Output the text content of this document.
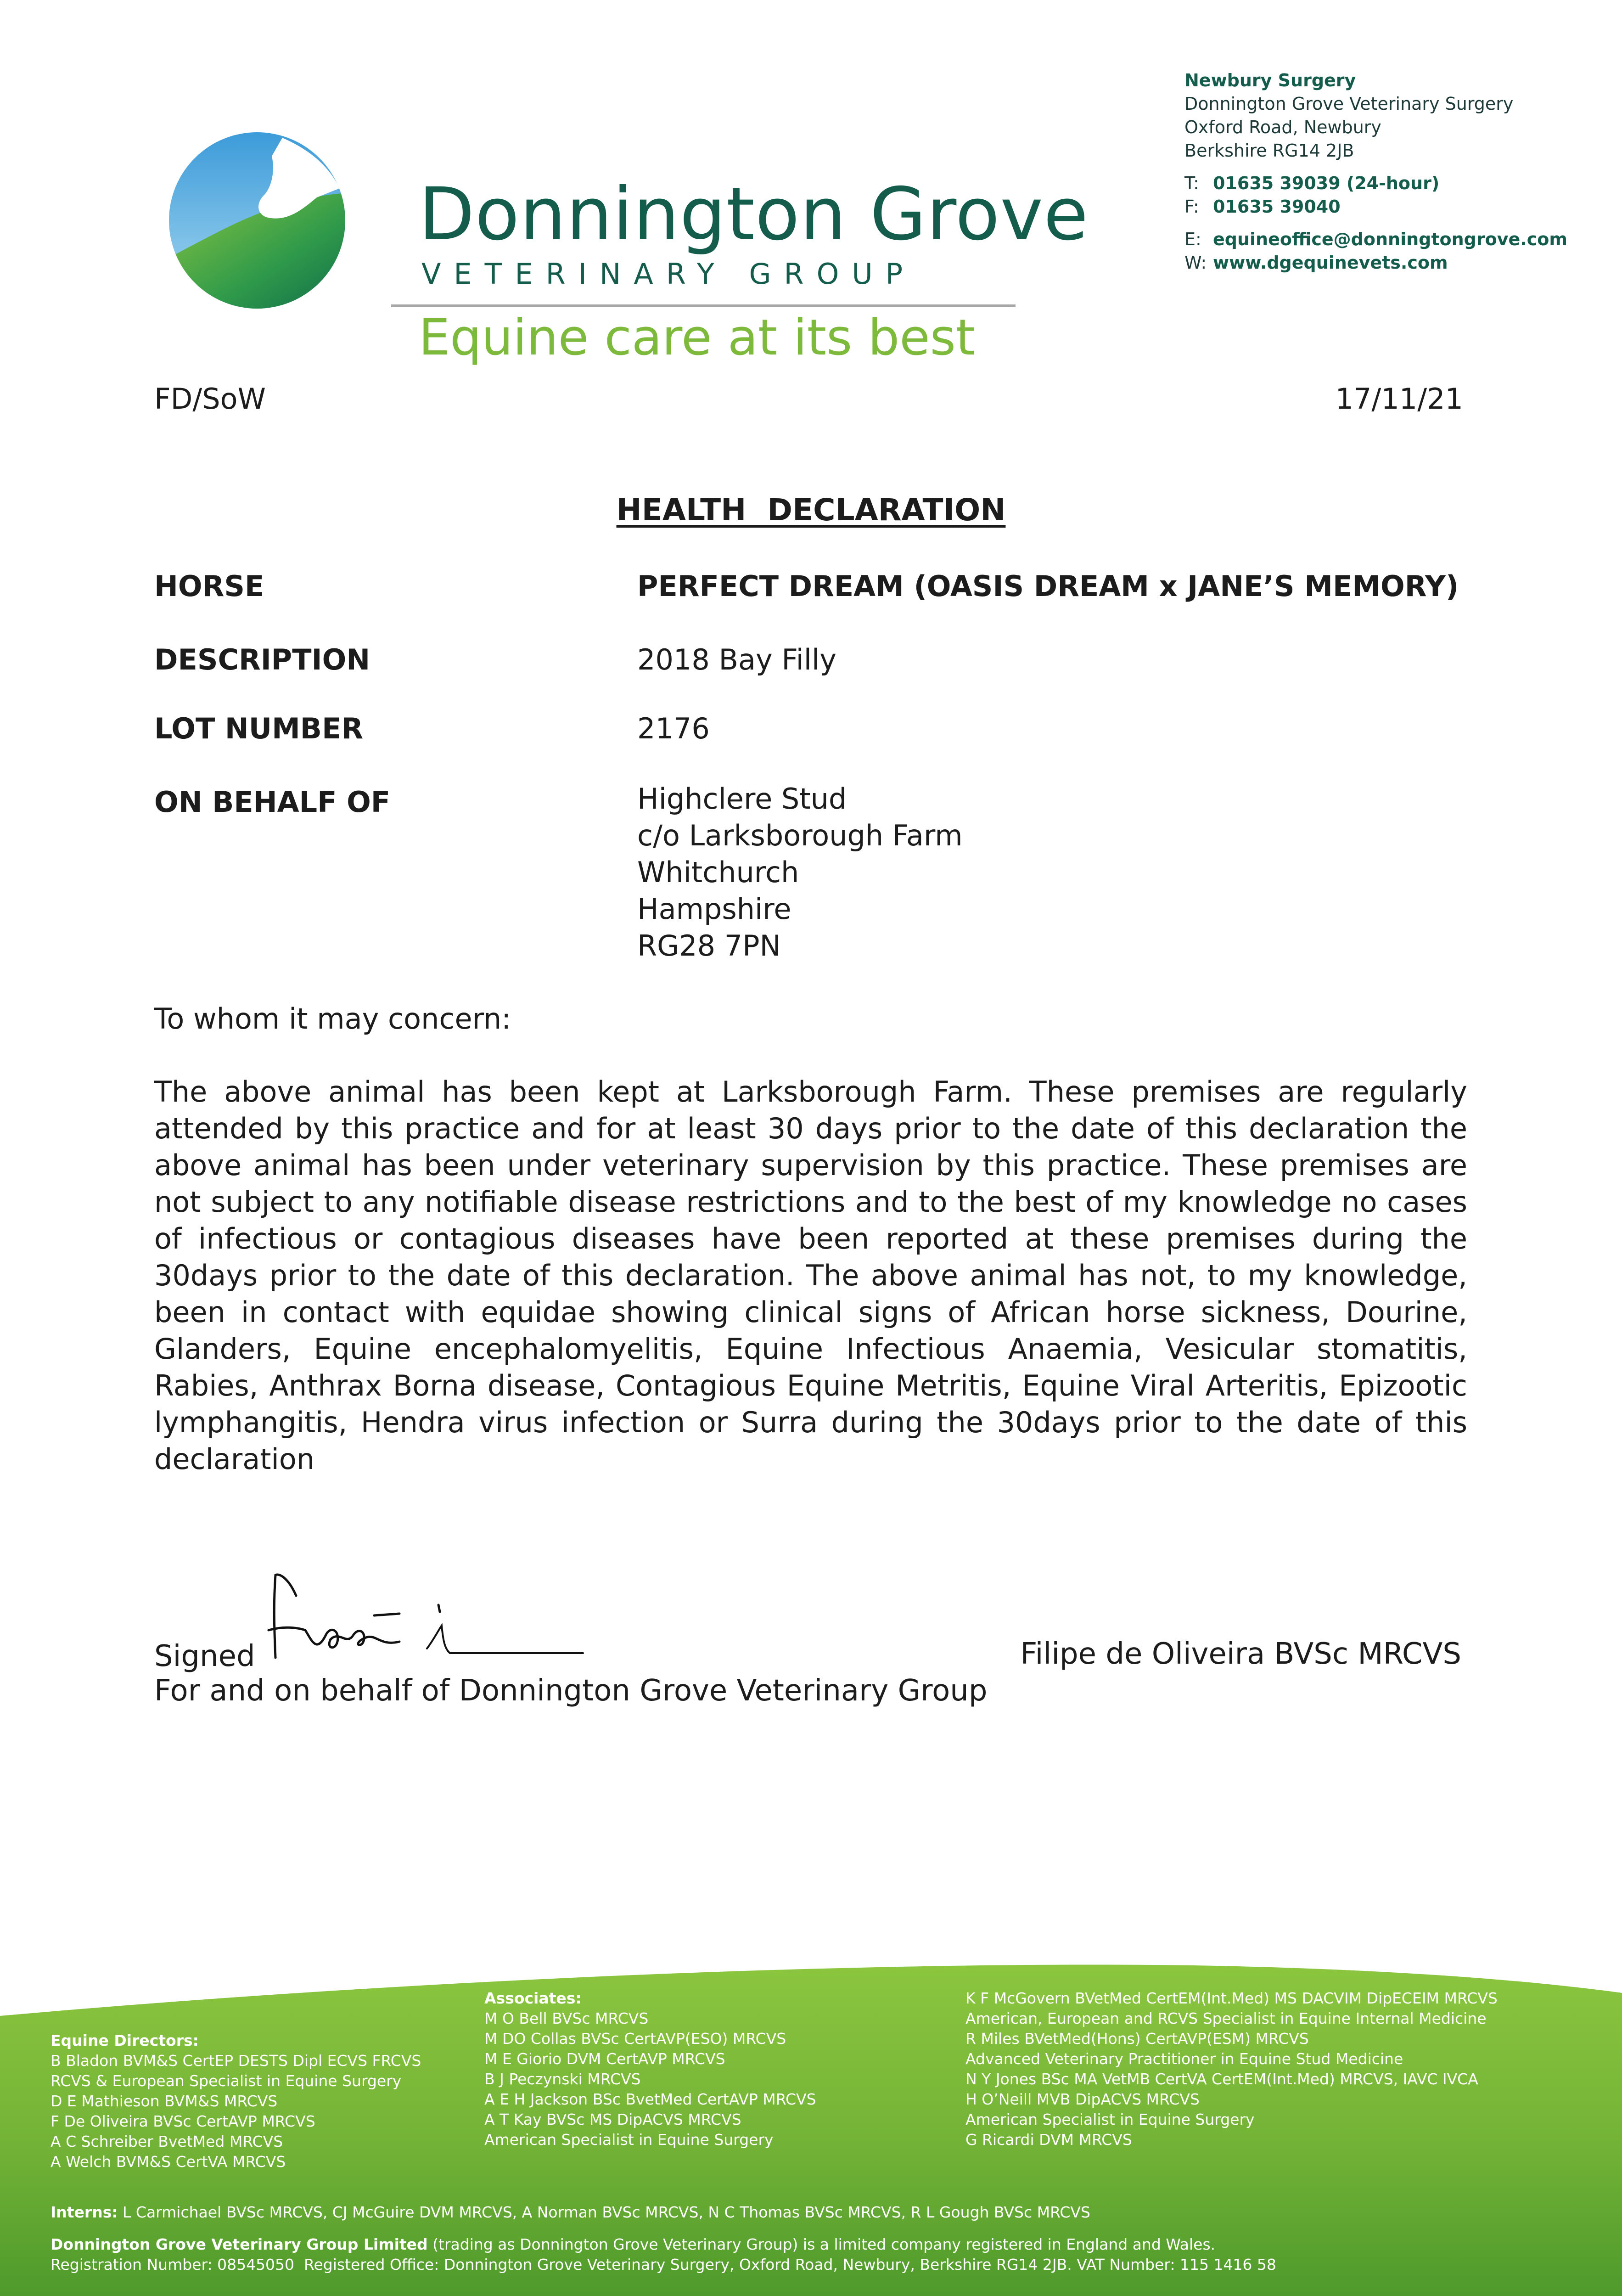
Donnington Grove
VETERINARY GROUP
Equine care at its best
Newbury Surgery
Donnington Grove Veterinary Surgery
Oxford Road, Newbury
Berkshire RG14 2JB
T: 01635 39039 (24-hour)
F: 01635 39040
E: equineoffice@donningtongrove.com
W: www.dgequinevets.com
FD/SoW	17/11/21
HEALTH  DECLARATION
HORSE	PERFECT DREAM (OASIS DREAM x JANE’S MEMORY)
DESCRIPTION	2018 Bay Filly
LOT NUMBER	2176
ON BEHALF OF	Highclere Stud
c/o Larksborough Farm
Whitchurch
Hampshire
RG28 7PN
To whom it may concern:
The above animal has been kept at Larksborough Farm. These premises are regularly attended by this practice and for at least 30 days prior to the date of this declaration the above animal has been under veterinary supervision by this practice. These premises are not subject to any notifiable disease restrictions and to the best of my knowledge no cases of infectious or contagious diseases have been reported at these premises during the 30days prior to the date of this declaration. The above animal has not, to my knowledge, been in contact with equidae showing clinical signs of African horse sickness, Dourine, Glanders, Equine encephalomyelitis, Equine Infectious Anaemia, Vesicular stomatitis, Rabies, Anthrax Borna disease, Contagious Equine Metritis, Equine Viral Arteritis, Epizootic lymphangitis, Hendra virus infection or Surra during the 30days prior to the date of this declaration
Signed	Filipe de Oliveira BVSc MRCVS
For and on behalf of Donnington Grove Veterinary Group
Equine Directors:
B Bladon BVM&S CertEP DESTS Dipl ECVS FRCVS
RCVS & European Specialist in Equine Surgery
D E Mathieson BVM&S MRCVS
F De Oliveira BVSc CertAVP MRCVS
A C Schreiber BvetMed MRCVS
A Welch BVM&S CertVA MRCVS
Associates:
M O Bell BVSc MRCVS
M DO Collas BVSc CertAVP(ESO) MRCVS
M E Giorio DVM CertAVP MRCVS
B J Peczynski MRCVS
A E H Jackson BSc BvetMed CertAVP MRCVS
A T Kay BVSc MS DipACVS MRCVS
American Specialist in Equine Surgery
K F McGovern BVetMed CertEM(Int.Med) MS DACVIM DipECEIM MRCVS
American, European and RCVS Specialist in Equine Internal Medicine
R Miles BVetMed(Hons) CertAVP(ESM) MRCVS
Advanced Veterinary Practitioner in Equine Stud Medicine
N Y Jones BSc MA VetMB CertVA CertEM(Int.Med) MRCVS, IAVC IVCA
H O’Neill MVB DipACVS MRCVS
American Specialist in Equine Surgery
G Ricardi DVM MRCVS
Interns: L Carmichael BVSc MRCVS, CJ McGuire DVM MRCVS, A Norman BVSc MRCVS, N C Thomas BVSc MRCVS, R L Gough BVSc MRCVS
Donnington Grove Veterinary Group Limited (trading as Donnington Grove Veterinary Group) is a limited company registered in England and Wales.
Registration Number: 08545050  Registered Office: Donnington Grove Veterinary Surgery, Oxford Road, Newbury, Berkshire RG14 2JB. VAT Number: 115 1416 58
